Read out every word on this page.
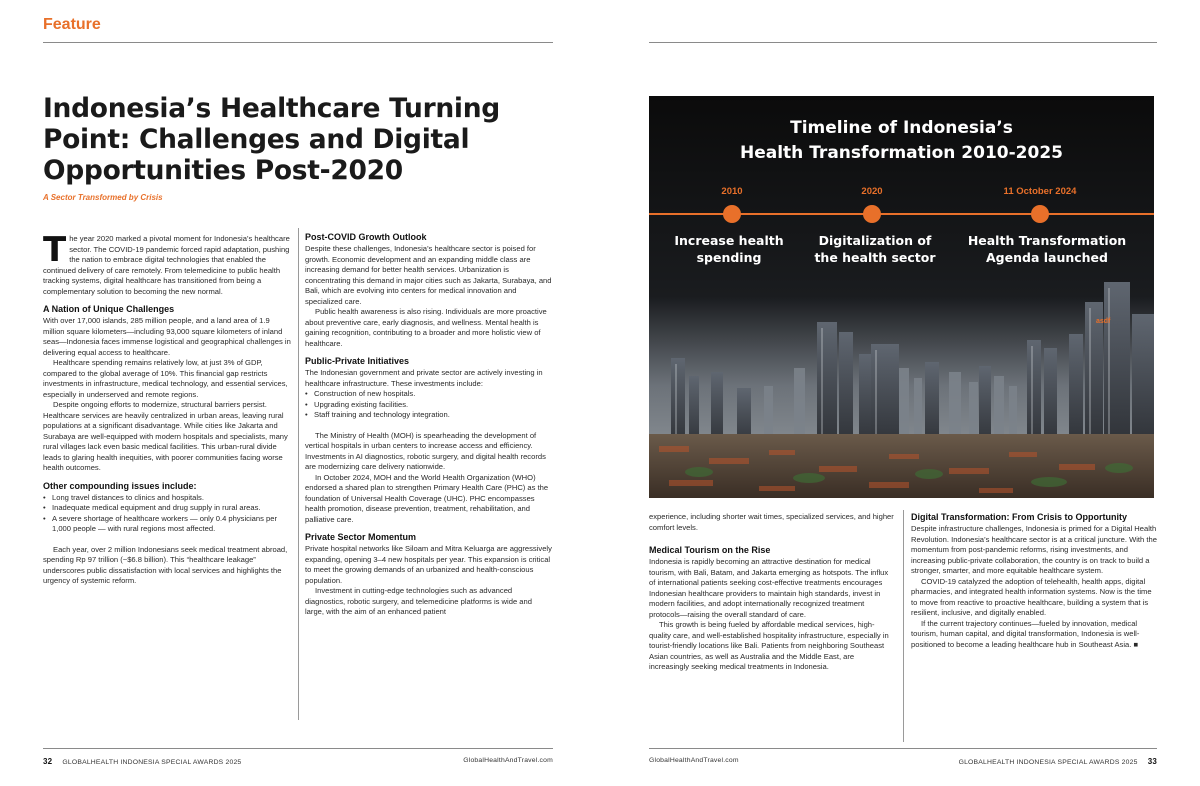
Feature
Indonesia’s Healthcare Turning
Point: Challenges and Digital
Opportunities Post-2020
A Sector Transformed by Crisis

The year 2020 marked a pivotal moment for Indonesia’s healthcare sector. The COVID-19 pandemic forced rapid adaptation, pushing the nation to embrace digital technologies that enabled the continued delivery of care remotely. From telemedicine to public health tracking systems, digital healthcare has transitioned from being a complementary solution to becoming the new normal.

A Nation of Unique Challenges

With over 17,000 islands, 285 million people, and a land area of 1.9 million square kilometers—including 93,000 square kilometers of inland seas—Indonesia faces immense logistical and geographical challenges in delivering equal access to healthcare.

Healthcare spending remains relatively low, at just 3% of GDP, compared to the global average of 10%. This financial gap restricts investments in infrastructure, medical technology, and essential services, especially in underserved and remote regions.

Despite ongoing efforts to modernize, structural barriers persist. Healthcare services are heavily centralized in urban areas, leaving rural populations at a significant disadvantage. While cities like Jakarta and Surabaya are well-equipped with modern hospitals and specialists, many rural villages lack even basic medical facilities. This urban-rural divide leads to glaring health inequities, with poorer communities facing worse health outcomes.

Other compounding issues include:
• Long travel distances to clinics and hospitals.
• Inadequate medical equipment and drug supply in rural areas.
• A severe shortage of healthcare workers — only 0.4 physicians per 1,000 people — with rural regions most affected.

Each year, over 2 million Indonesians seek medical treatment abroad, spending Rp 97 trillion (~$6.8 billion). This “healthcare leakage” underscores public dissatisfaction with local services and highlights the urgency of systemic reform.

Post-COVID Growth Outlook

Despite these challenges, Indonesia’s healthcare sector is poised for growth. Economic development and an expanding middle class are increasing demand for better health services. Urbanization is concentrating this demand in major cities such as Jakarta, Surabaya, and Bali, which are evolving into centers for medical innovation and specialized care.

Public health awareness is also rising. Individuals are more proactive about preventive care, early diagnosis, and wellness. Mental health is gaining recognition, contributing to a broader and more holistic view of healthcare.

Public-Private Initiatives

The Indonesian government and private sector are actively investing in healthcare infrastructure. These investments include:

• Construction of new hospitals.
• Upgrading existing facilities.
• Staff training and technology integration.

The Ministry of Health (MOH) is spearheading the development of vertical hospitals in urban centers to increase access and efficiency. Investments in AI diagnostics, robotic surgery, and digital health records are modernizing care delivery nationwide.

In October 2024, MOH and the World Health Organization (WHO) endorsed a shared plan to strengthen Primary Health Care (PHC) as the foundation of Universal Health Coverage (UHC). PHC encompasses health promotion, disease prevention, treatment, rehabilitation, and palliative care.

Private Sector Momentum

Private hospital networks like Siloam and Mitra Keluarga are aggressively expanding, opening 3–4 new hospitals per year. This expansion is critical to meet the growing demands of an urbanized and health-conscious population.

Investment in cutting-edge technologies such as advanced diagnostics, robotic surgery, and telemedicine platforms is wide and large, with the aim of an enhanced patient

32 GLOBALHEALTH INDONESIA SPECIAL AWARDS 2025	GlobalHealthAndTravel.com
Timeline of Indonesia’s
Health Transformation 2010-2025
2010	2020	11 October 2024
Increase health
spending
Digitalization of
the health sector
Health Transformation
Agenda launched
asdf

experience, including shorter wait times, specialized services, and higher comfort levels.

Medical Tourism on the Rise

Indonesia is rapidly becoming an attractive destination for medical tourism, with Bali, Batam, and Jakarta emerging as hotspots. The influx of international patients seeking cost-effective treatments encourages Indonesian healthcare providers to maintain high standards, invest in modern facilities, and adopt internationally recognized treatment protocols—raising the overall standard of care.

This growth is being fueled by affordable medical services, high-quality care, and well-established hospitality infrastructure, especially in tourist-friendly locations like Bali. Patients from neighboring Southeast Asian countries, as well as Australia and the Middle East, are increasingly seeking medical treatments in Indonesia.

Digital Transformation: From Crisis to Opportunity

Despite infrastructure challenges, Indonesia is primed for a Digital Health Revolution. Indonesia’s healthcare sector is at a critical juncture. With the momentum from post-pandemic reforms, rising investments, and increasing public-private collaboration, the country is on track to build a stronger, smarter, and more equitable healthcare system.

COVID-19 catalyzed the adoption of telehealth, health apps, digital pharmacies, and integrated health information systems. Now is the time to move from reactive to proactive healthcare, building a system that is resilient, inclusive, and digitally enabled.

If the current trajectory continues—fueled by innovation, medical tourism, human capital, and digital transformation, Indonesia is well-positioned to become a leading healthcare hub in Southeast Asia. ■

GlobalHealthAndTravel.com	GLOBALHEALTH INDONESIA SPECIAL AWARDS 2025 33
